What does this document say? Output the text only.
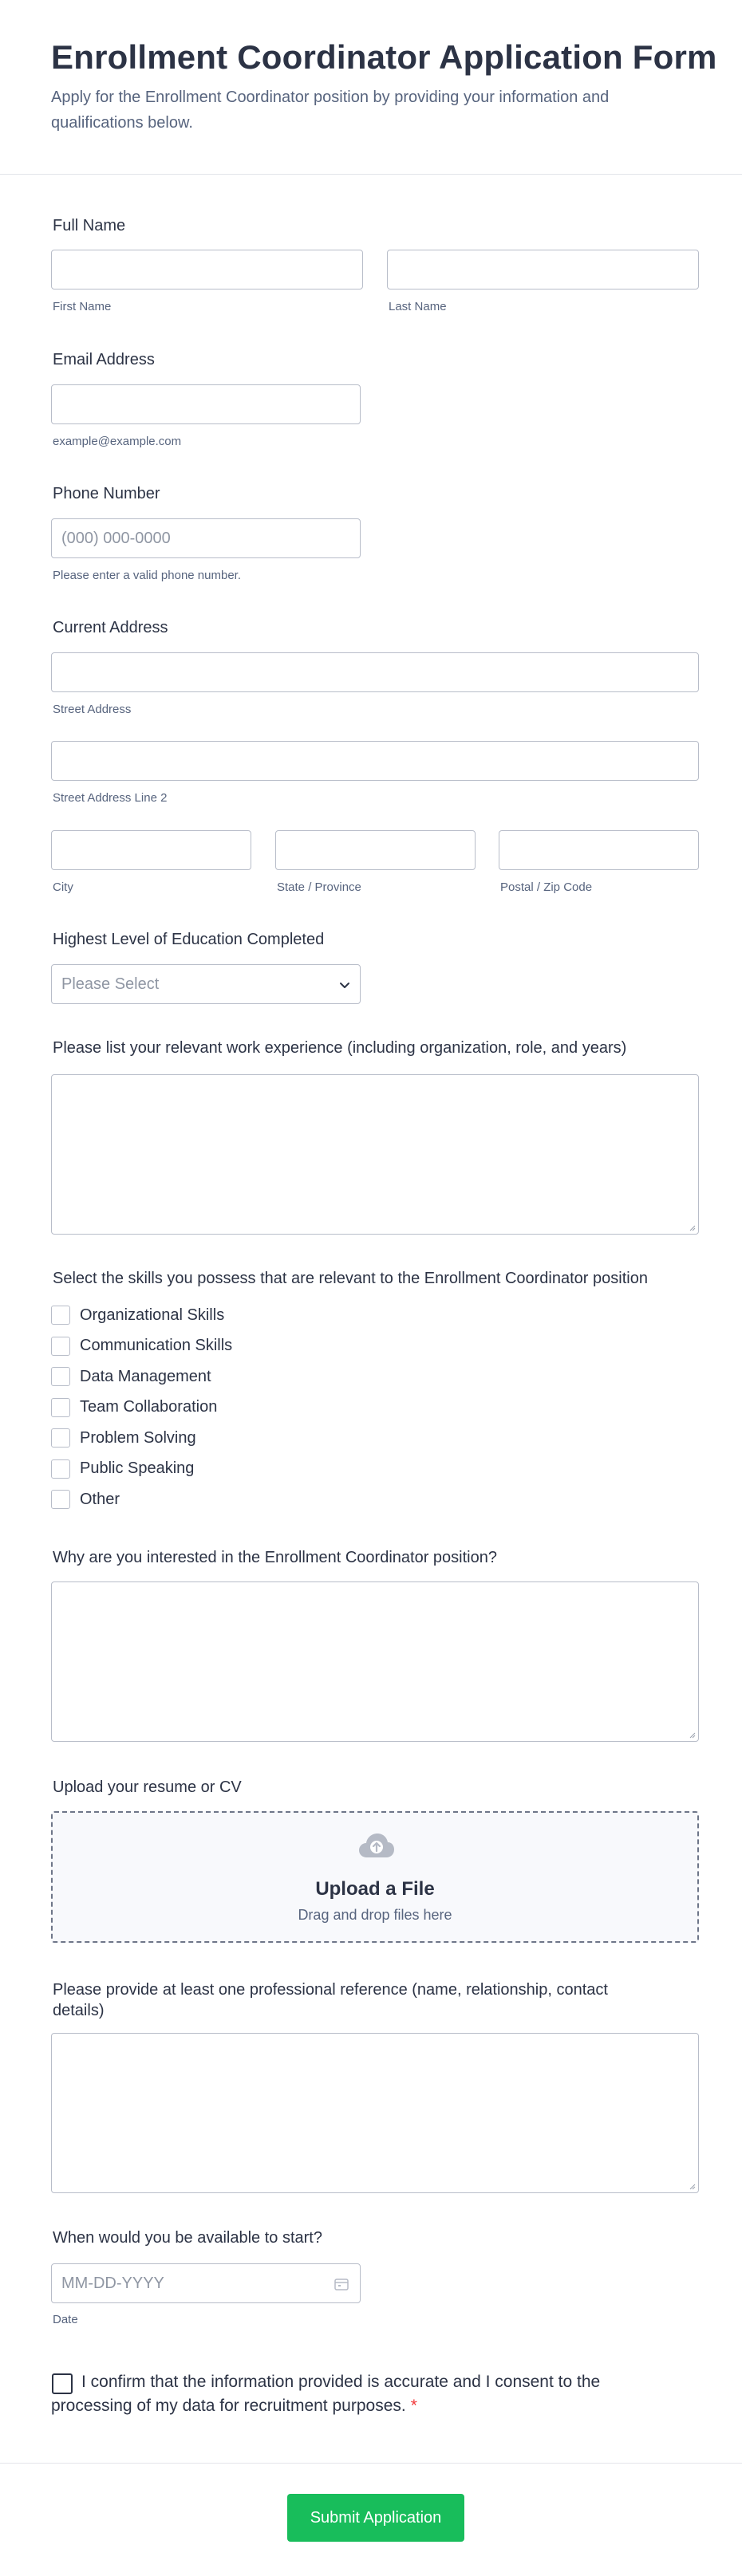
Enrollment Coordinator Application Form

Apply for the Enrollment Coordinator position by providing your information and qualifications below.

Full Name
First Name	Last Name
Email Address
example@example.com
Phone Number
(000) 000-0000
Please enter a valid phone number.
Current Address
Street Address
Street Address Line 2
City	State / Province	Postal / Zip Code
Highest Level of Education Completed
Please Select
Please list your relevant work experience (including organization, role, and years)
Select the skills you possess that are relevant to the Enrollment Coordinator position
Organizational Skills
Communication Skills
Data Management
Team Collaboration
Problem Solving
Public Speaking
Other
Why are you interested in the Enrollment Coordinator position?
Upload your resume or CV
Upload a File
Drag and drop files here
Please provide at least one professional reference (name, relationship, contact details)
When would you be available to start?
MM-DD-YYYY
Date

I confirm that the information provided is accurate and I consent to the processing of my data for recruitment purposes. *

Submit Application
